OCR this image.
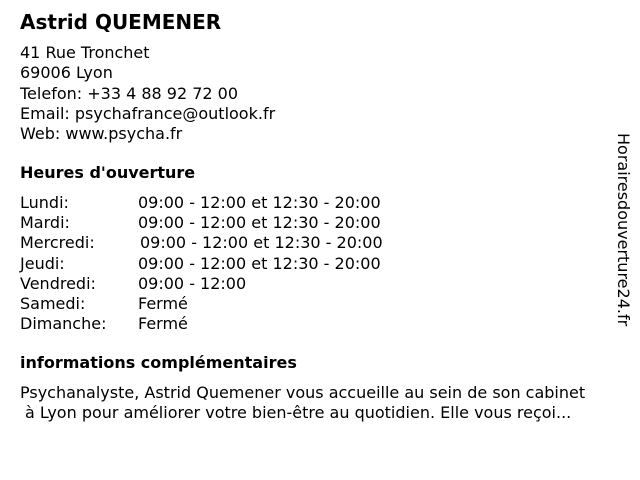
Astrid QUEMENER
41 Rue Tronchet
69006 Lyon
Telefon: +33 4 88 92 72 00
Email: psychafrance@outlook.fr
Web: www.psycha.fr
Heures d'ouverture
Lundi:	09:00 - 12:00 et 12:30 - 20:00
Mardi:	09:00 - 12:00 et 12:30 - 20:00
Mercredi:	09:00 - 12:00 et 12:30 - 20:00
Jeudi:	09:00 - 12:00 et 12:30 - 20:00
Vendredi:	09:00 - 12:00
Samedi:	Fermé
Dimanche: Fermé
informations complémentaires
Psychanalyste, Astrid Quemener vous accueille au sein de son cabinet
à Lyon pour améliorer votre bien-être au quotidien. Elle vous reçoi...
Horairesdouverture24.fr
